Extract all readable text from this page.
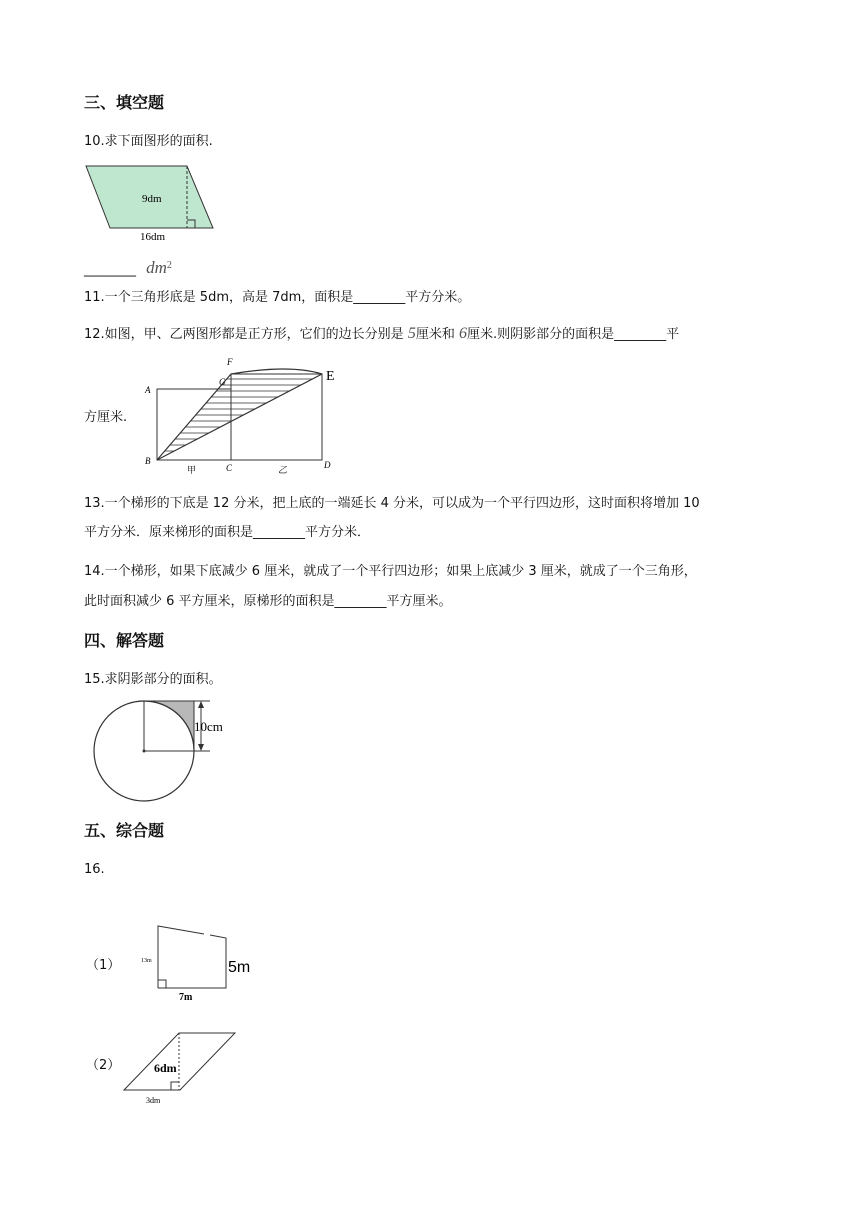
三、填空题
10.求下面图形的面积.
9dm
16dm
________ $dm^2$
11.一个三角形底是 5dm，高是 7dm，面积是________平方分米。
12.如图，甲、乙两图形都是正方形，它们的边长分别是 5厘米和 6厘米.则阴影部分的面积是________平
方厘米.
A
B
C	D
E
F
G
甲	乙
13.一个梯形的下底是 12 分米，把上底的一端延长 4 分米，可以成为一个平行四边形，这时面积将增加 10
平方分米．原来梯形的面积是________平方分米．
14.一个梯形，如果下底减少 6 厘米，就成了一个平行四边形；如果上底减少 3 厘米，就成了一个三角形，
此时面积减少 6 平方厘米，原梯形的面积是________平方厘米。
四、解答题
15.求阴影部分的面积。
10cm
五、综合题
16.
（1）	13m	5m
7m
（2）	6dm
3dm
